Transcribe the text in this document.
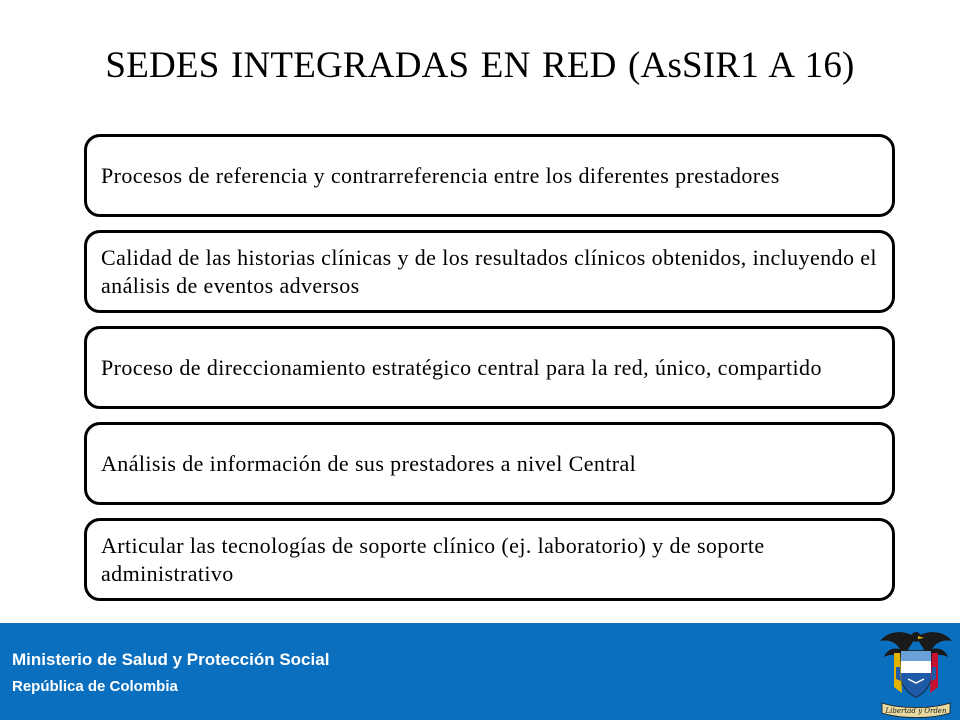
SEDES INTEGRADAS EN RED (AsSIR1 A 16)
Procesos de referencia y contrarreferencia entre los diferentes prestadores
Calidad de las historias clínicas y de los resultados clínicos obtenidos, incluyendo el análisis de eventos adversos
Proceso de direccionamiento estratégico central para la red, único, compartido
Análisis de información de sus prestadores a nivel Central
Articular las tecnologías de soporte clínico (ej. laboratorio) y de soporte administrativo
Ministerio de Salud y Protección Social
República de Colombia
Libertad y Orden
